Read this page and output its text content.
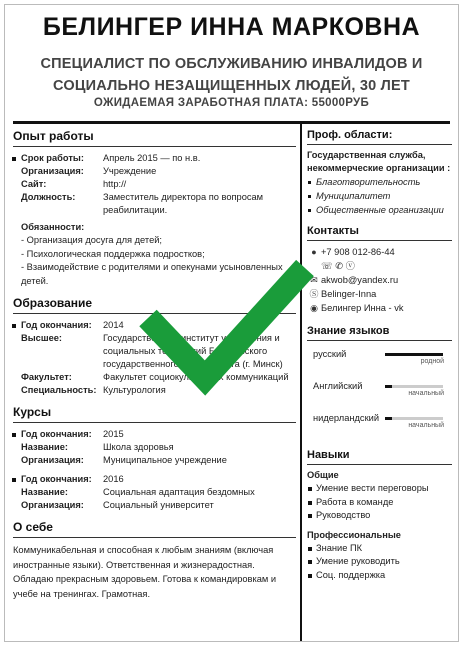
БЕЛИНГЕР ИННА МАРКОВНА
СПЕЦИАЛИСТ ПО ОБСЛУЖИВАНИЮ ИНВАЛИДОВ И СОЦИАЛЬНО НЕЗАЩИЩЕННЫХ ЛЮДЕЙ, 30 ЛЕТ
ОЖИДАЕМАЯ ЗАРАБОТНАЯ ПЛАТА: 55000РУБ
Опыт работы
Срок работы:	Апрель 2015 — по н.в.
Организация:	Учреждение
Сайт:	http://
Должность:	Заместитель директора по вопросам реабилитации.
Обязанности:
- Организация досуга для детей;
- Психологическая поддержка подростков;
- Взаимодействие с родителями и опекунами усыновленных детей.
Образование
Год окончания:	2014
Высшее:	Государственный институт управления и социальных технологий Белорусского государственного университета (г. Минск)
Факультет:	Факультет социокультурных коммуникаций
Специальность: Культурология
Курсы
Год окончания:	2015
Название:	Школа здоровья
Организация:	Муниципальное учреждение
Год окончания:	2016
Название:	Социальная адаптация бездомных
Организация:	Социальный университет
О себе
Коммуникабельная и способная к любым знаниям (включая иностранные языки). Ответственная и жизнерадостная. Обладаю прекрасным здоровьем. Готова к командировкам и учебе на тренингах. Грамотная.
Проф. области:
Государственная служба, некоммерческие организации :
Благотворительность
Муниципалитет
Общественные организации
Контакты
● +7 908 012-86-44
☏ ✆ ⓥ
✉ akwob@yandex.ru
Ⓢ Belinger-Inna
◉ Белингер Инна - vk
Знание языков
русский
родной
Английский
начальный
нидерландский
начальный
Навыки
Общие
Умение вести переговоры
Работа в команде
Руководство
Профессиональные
Знание ПК
Умение руководить
Соц. поддержка
